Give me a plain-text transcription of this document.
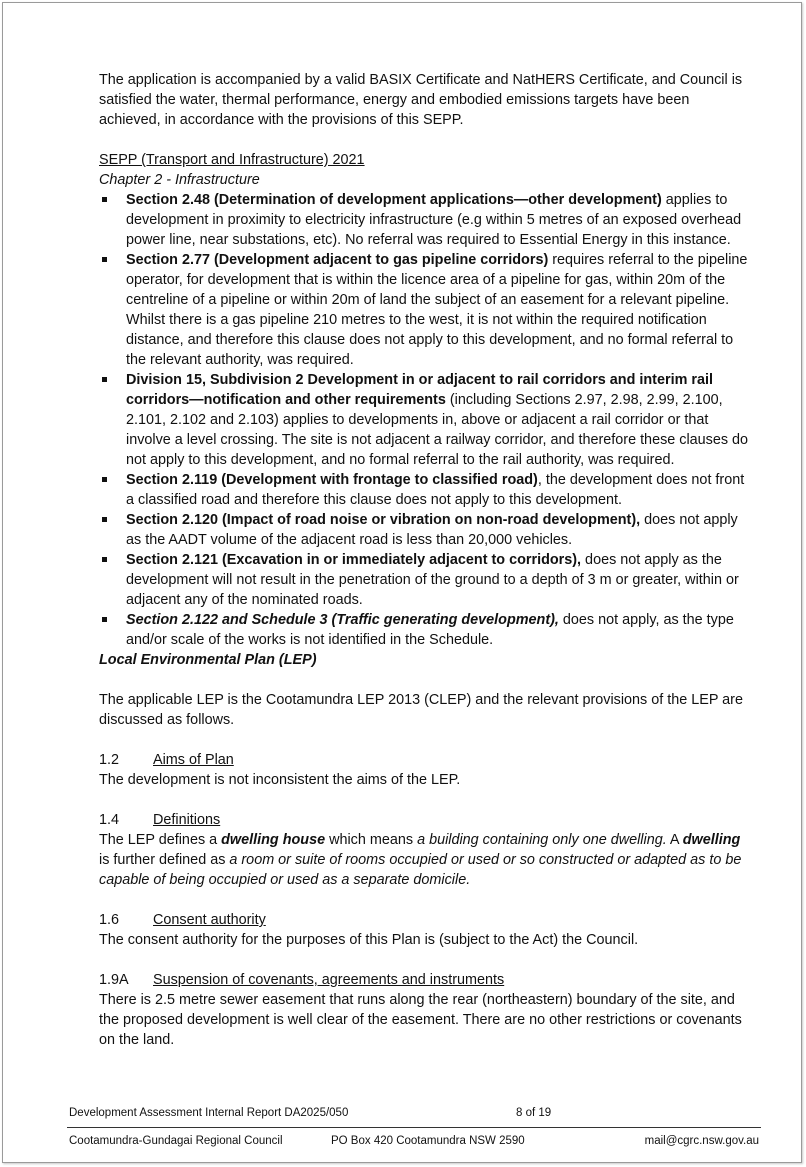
The application is accompanied by a valid BASIX Certificate and NatHERS Certificate, and Council is satisfied the water, thermal performance, energy and embodied emissions targets have been achieved, in accordance with the provisions of this SEPP.

SEPP (Transport and Infrastructure) 2021

Chapter 2 - Infrastructure

Section 2.48 (Determination of development applications—other development) applies to development in proximity to electricity infrastructure (e.g within 5 metres of an exposed overhead power line, near substations, etc). No referral was required to Essential Energy in this instance.
Section 2.77 (Development adjacent to gas pipeline corridors) requires referral to the pipeline operator, for development that is within the licence area of a pipeline for gas, within 20m of the centreline of a pipeline or within 20m of land the subject of an easement for a relevant pipeline. Whilst there is a gas pipeline 210 metres to the west, it is not within the required notification distance, and therefore this clause does not apply to this development, and no formal referral to the relevant authority, was required.
Division 15, Subdivision 2 Development in or adjacent to rail corridors and interim rail corridors—notification and other requirements (including Sections 2.97, 2.98, 2.99, 2.100, 2.101, 2.102 and 2.103) applies to developments in, above or adjacent a rail corridor or that involve a level crossing. The site is not adjacent a railway corridor, and therefore these clauses do not apply to this development, and no formal referral to the rail authority, was required.
Section 2.119 (Development with frontage to classified road), the development does not front a classified road and therefore this clause does not apply to this development.
Section 2.120 (Impact of road noise or vibration on non-road development), does not apply as the AADT volume of the adjacent road is less than 20,000 vehicles.
Section 2.121 (Excavation in or immediately adjacent to corridors), does not apply as the development will not result in the penetration of the ground to a depth of 3 m or greater, within or adjacent any of the nominated roads.
Section 2.122 and Schedule 3 (Traffic generating development), does not apply, as the type and/or scale of the works is not identified in the Schedule.

Local Environmental Plan (LEP)

The applicable LEP is the Cootamundra LEP 2013 (CLEP) and the relevant provisions of the LEP are discussed as follows.

1.2 Aims of Plan

The development is not inconsistent the aims of the LEP.

1.4 Definitions

The LEP defines a dwelling house which means a building containing only one dwelling. A dwelling is further defined as a room or suite of rooms occupied or used or so constructed or adapted as to be capable of being occupied or used as a separate domicile.

1.6 Consent authority

The consent authority for the purposes of this Plan is (subject to the Act) the Council.

1.9A Suspension of covenants, agreements and instruments

There is 2.5 metre sewer easement that runs along the rear (northeastern) boundary of the site, and the proposed development is well clear of the easement. There are no other restrictions or covenants on the land.

Development Assessment Internal Report DA2025/050	8 of 19
Cootamundra-Gundagai Regional Council	PO Box 420 Cootamundra NSW 2590	mail@cgrc.nsw.gov.au
